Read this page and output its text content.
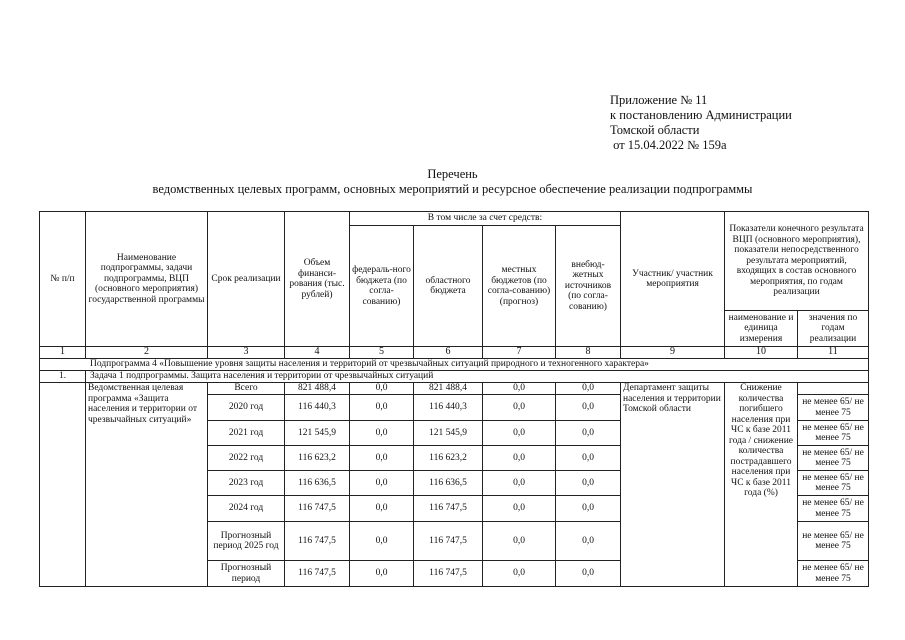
Приложение № 11
к постановлению Администрации
Томской области
от 15.04.2022 № 159а
Перечень
ведомственных целевых программ, основных мероприятий и ресурсное обеспечение реализации подпрограммы
№ п/п	Наименование подпрограммы, задачи подпрограммы, ВЦП (основного мероприятия) государственной программы	Срок реализации	Объем финанси-рования (тыс. рублей)	В том числе за счет средств:				Участник/ участник мероприятия	Показатели конечного результата ВЦП (основного мероприятия), показатели непосредственного результата мероприятий, входящих в состав основного мероприятия, по годам реализации	
				федераль-ного бюджета (по согла-сованию)	областного бюджета	местных бюджетов (по согла-сованию) (прогноз)	внебюд-жетных источников (по согла-сованию)			
									наименование и единица измерения	значения по годам реализации
1	2	3	4	5	6	7	8	9	10	11
Подпрограмма 4 «Повышение уровня защиты населения и территорий от чрезвычайных ситуаций природного и техногенного характера»										
1.	Задача 1 подпрограммы. Защита населения и территории от чрезвычайных ситуаций									
	Ведомственная целевая программа «Защита населения и территории от чрезвычайных ситуаций»	Всего	821 488,4	0,0	821 488,4	0,0	0,0	Департамент защиты населения и территории Томской области	Снижение количества погибшего населения при ЧС к базе 2011 года / снижение количества пострадавшего населения при ЧС к базе 2011 года (%)	
		2020 год	116 440,3	0,0	116 440,3	0,0	0,0			не менее 65/ не менее 75
		2021 год	121 545,9	0,0	121 545,9	0,0	0,0			не менее 65/ не менее 75
		2022 год	116 623,2	0,0	116 623,2	0,0	0,0			не менее 65/ не менее 75
		2023 год	116 636,5	0,0	116 636,5	0,0	0,0			не менее 65/ не менее 75
		2024 год	116 747,5	0,0	116 747,5	0,0	0,0			не менее 65/ не менее 75
		Прогнозный период 2025 год	116 747,5	0,0	116 747,5	0,0	0,0			не менее 65/ не менее 75
		Прогнозный период	116 747,5	0,0	116 747,5	0,0	0,0			не менее 65/ не менее 75
